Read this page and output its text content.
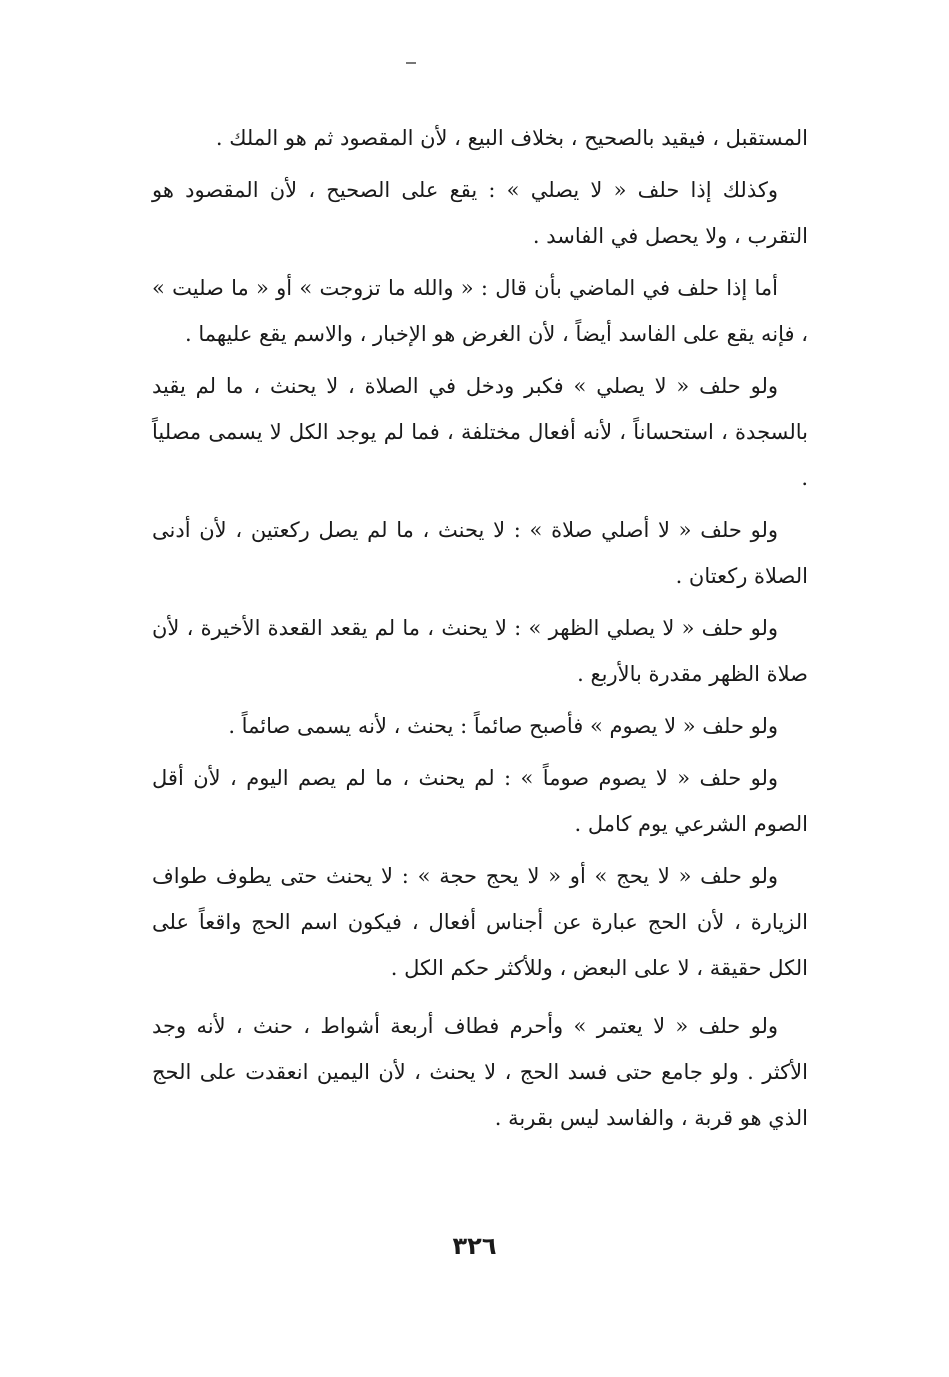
المستقبل ، فيقيد بالصحيح ، بخلاف البيع ، لأن المقصود ثم هو الملك .

وكذلك إذا حلف « لا يصلي » : يقع على الصحيح ، لأن المقصود هو التقرب ، ولا يحصل في الفاسد .

أما إذا حلف في الماضي بأن قال : « والله ما تزوجت » أو « ما صليت » ، فإنه يقع على الفاسد أيضاً ، لأن الغرض هو الإخبار ، والاسم يقع عليهما .

ولو حلف « لا يصلي » فكبر ودخل في الصلاة ، لا يحنث ، ما لم يقيد بالسجدة ، استحساناً ، لأنه أفعال مختلفة ، فما لم يوجد الكل لا يسمى مصلياً .

ولو حلف « لا أصلي صلاة » : لا يحنث ، ما لم يصل ركعتين ، لأن أدنى الصلاة ركعتان .

ولو حلف « لا يصلي الظهر » : لا يحنث ، ما لم يقعد القعدة الأخيرة ، لأن صلاة الظهر مقدرة بالأربع .

ولو حلف « لا يصوم » فأصبح صائماً : يحنث ، لأنه يسمى صائماً .

ولو حلف « لا يصوم صوماً » : لم يحنث ، ما لم يصم اليوم ، لأن أقل الصوم الشرعي يوم كامل .

ولو حلف « لا يحج » أو « لا يحج حجة » : لا يحنث حتى يطوف طواف الزيارة ، لأن الحج عبارة عن أجناس أفعال ، فيكون اسم الحج واقعاً على الكل حقيقة ، لا على البعض ، وللأكثر حكم الكل .

ولو حلف « لا يعتمر » وأحرم فطاف أربعة أشواط ، حنث ، لأنه وجد الأكثر . ولو جامع حتى فسد الحج ، لا يحنث ، لأن اليمين انعقدت على الحج الذي هو قربة ، والفاسد ليس بقربة .

٣٢٦
